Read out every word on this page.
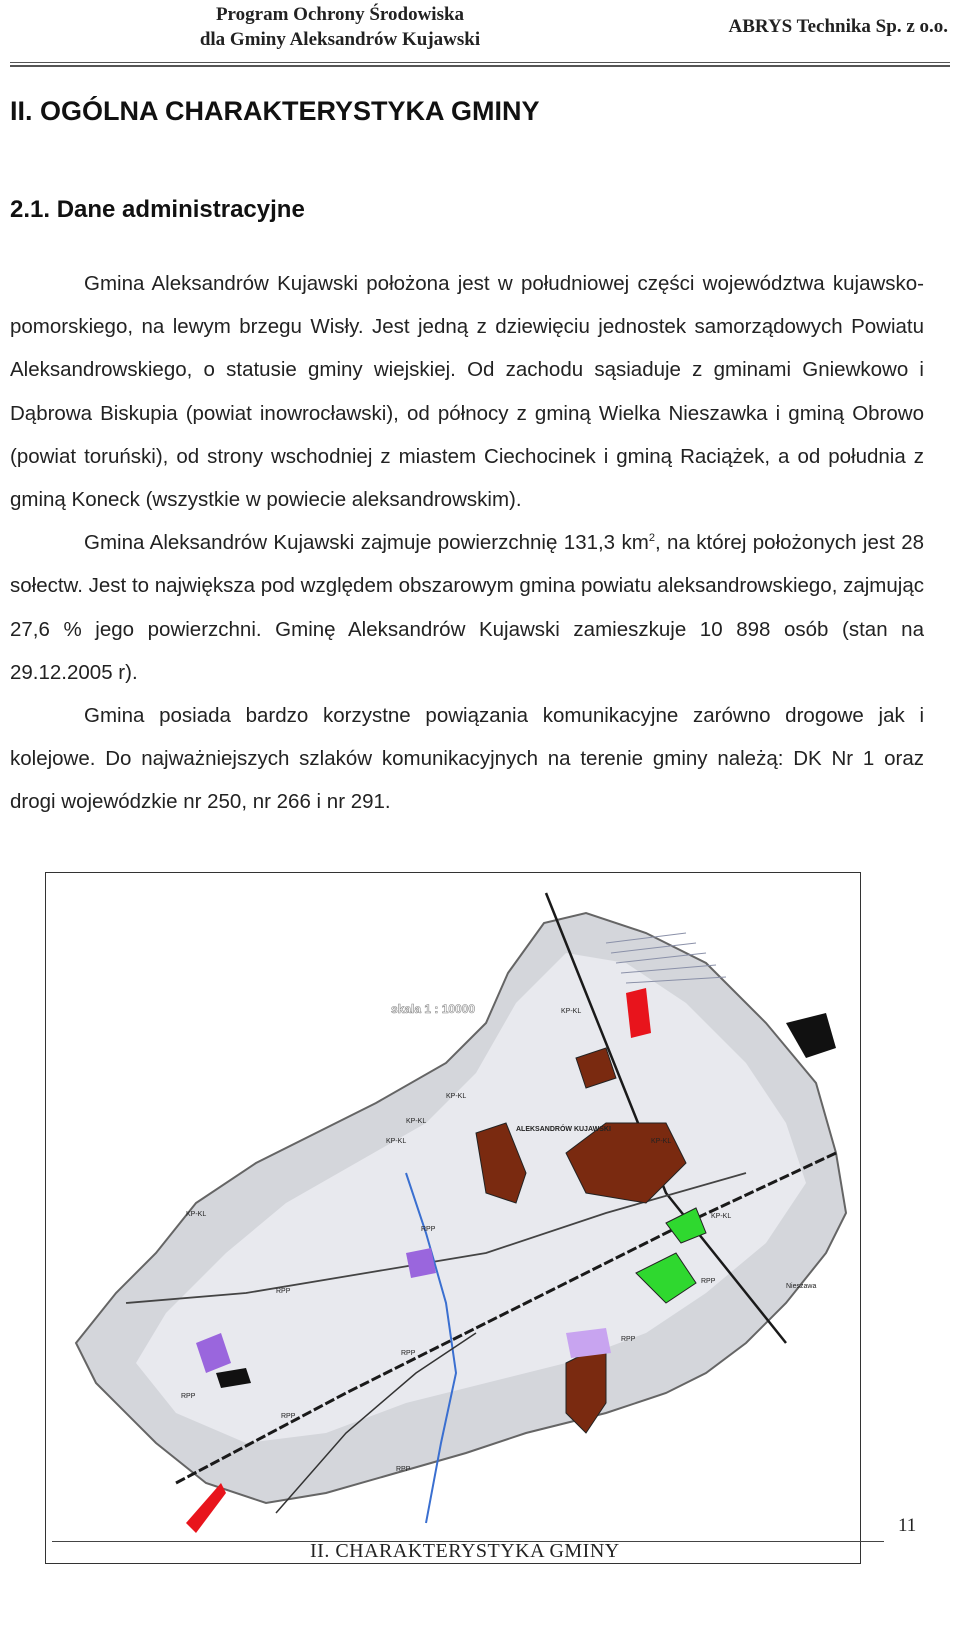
Program Ochrony Środowiska
dla Gminy Aleksandrów Kujawski
ABRYS Technika Sp. z o.o.
II. OGÓLNA CHARAKTERYSTYKA GMINY
2.1. Dane administracyjne

Gmina Aleksandrów Kujawski położona jest w południowej części województwa kujawsko-pomorskiego, na lewym brzegu Wisły. Jest jedną z dziewięciu jednostek samorządowych Powiatu Aleksandrowskiego, o statusie gminy wiejskiej. Od zachodu sąsiaduje z gminami Gniewkowo i Dąbrowa Biskupia (powiat inowrocławski), od północy z gminą Wielka Nieszawka i gminą Obrowo (powiat toruński), od strony wschodniej z miastem Ciechocinek i gminą Raciążek, a od południa z gminą Koneck (wszystkie w powiecie aleksandrowskim).

Gmina Aleksandrów Kujawski zajmuje powierzchnię 131,3 $km^2$, na której położonych jest 28 sołectw. Jest to największa pod względem obszarowym gmina powiatu aleksandrowskiego, zajmując 27,6 % jego powierzchni. Gminę Aleksandrów Kujawski zamieszkuje 10 898 osób (stan na 29.12.2005 r).

Gmina posiada bardzo korzystne powiązania komunikacyjne zarówno drogowe jak i kolejowe. Do najważniejszych szlaków komunikacyjnych na terenie gminy należą: DK Nr 1 oraz drogi wojewódzkie nr 250, nr 266 i nr 291.

skala 1 : 10000
ALEKSANDRÓW KUJAWSKI
KP-KL
KP-KL
KP-KL
KP-KL
RPP
RPP
RPP
RPP
RPP
RPP
KP-KL
KP-KL
Nieszawa
KP-KL
RPP
RPP
11
II. CHARAKTERYSTYKA GMINY
